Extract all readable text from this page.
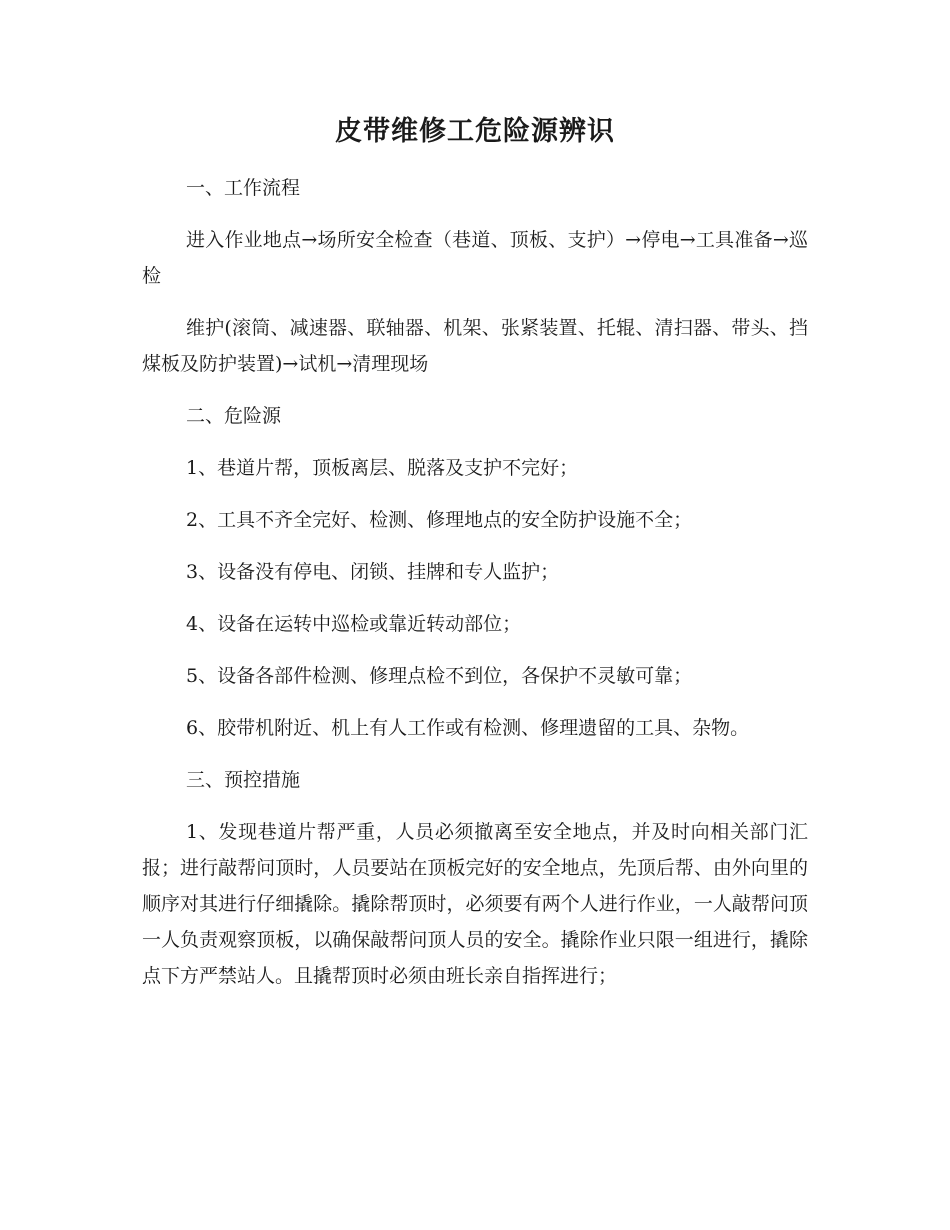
皮带维修工危险源辨识

一、工作流程

进入作业地点→场所安全检查（巷道、顶板、支护）→停电→工具准备→巡检

维护(滚筒、减速器、联轴器、机架、张紧装置、托辊、清扫器、带头、挡煤板及防护装置)→试机→清理现场

二、危险源

1、巷道片帮，顶板离层、脱落及支护不完好；

2、工具不齐全完好、检测、修理地点的安全防护设施不全；

3、设备没有停电、闭锁、挂牌和专人监护；

4、设备在运转中巡检或靠近转动部位；

5、设备各部件检测、修理点检不到位，各保护不灵敏可靠；

6、胶带机附近、机上有人工作或有检测、修理遗留的工具、杂物。

三、预控措施

1、发现巷道片帮严重，人员必须撤离至安全地点，并及时向相关部门汇报；进行敲帮问顶时，人员要站在顶板完好的安全地点，先顶后帮、由外向里的顺序对其进行仔细撬除。撬除帮顶时，必须要有两个人进行作业，一人敲帮问顶一人负责观察顶板，以确保敲帮问顶人员的安全。撬除作业只限一组进行，撬除点下方严禁站人。且撬帮顶时必须由班长亲自指挥进行；
